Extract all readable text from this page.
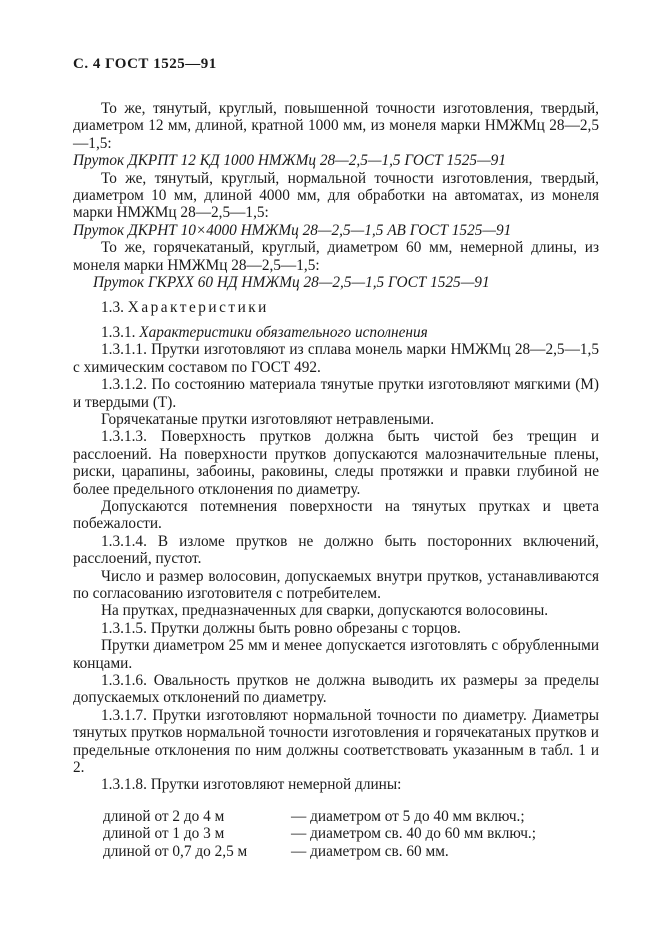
С. 4 ГОСТ 1525—91

То же, тянутый, круглый, повышенной точности изготовления, твердый, диаметром 12 мм, длиной, кратной 1000 мм, из монеля марки НМЖМц 28—2,5—1,5:

Пруток ДКРПТ 12 КД 1000 НМЖМц 28—2,5—1,5 ГОСТ 1525—91

То же, тянутый, круглый, нормальной точности изготовления, твердый, диаметром 10 мм, длиной 4000 мм, для обработки на автоматах, из монеля марки НМЖМц 28—2,5—1,5:

Пруток ДКРНТ 10×4000 НМЖМц 28—2,5—1,5 АВ ГОСТ 1525—91

То же, горячекатаный, круглый, диаметром 60 мм, немерной длины, из монеля марки НМЖМц 28—2,5—1,5:

Пруток ГКРХХ 60 НД НМЖМц 28—2,5—1,5 ГОСТ 1525—91

1.3. Характеристики

1.3.1. Характеристики обязательного исполнения

1.3.1.1. Прутки изготовляют из сплава монель марки НМЖМц 28—2,5—1,5 с химическим составом по ГОСТ 492.

1.3.1.2. По состоянию материала тянутые прутки изготовляют мягкими (М) и твердыми (Т).

Горячекатаные прутки изготовляют нетравлеными.

1.3.1.3. Поверхность прутков должна быть чистой без трещин и расслоений. На поверхности прутков допускаются малозначительные плены, риски, царапины, забоины, раковины, следы протяжки и правки глубиной не более предельного отклонения по диаметру.

Допускаются потемнения поверхности на тянутых прутках и цвета побежалости.

1.3.1.4. В изломе прутков не должно быть посторонних включений, расслоений, пустот.

Число и размер волосовин, допускаемых внутри прутков, устанавливаются по согласованию изготовителя с потребителем.

На прутках, предназначенных для сварки, допускаются волосовины.

1.3.1.5. Прутки должны быть ровно обрезаны с торцов.

Прутки диаметром 25 мм и менее допускается изготовлять с обрубленными концами.

1.3.1.6. Овальность прутков не должна выводить их размеры за пределы допускаемых отклонений по диаметру.

1.3.1.7. Прутки изготовляют нормальной точности по диаметру. Диаметры тянутых прутков нормальной точности изготовления и горячекатаных прутков и предельные отклонения по ним должны соответствовать указанным в табл. 1 и 2.

1.3.1.8. Прутки изготовляют немерной длины:

длиной от 2 до 4 м	— диаметром от 5 до 40 мм включ.;
длиной от 1 до 3 м	— диаметром св. 40 до 60 мм включ.;
длиной от 0,7 до 2,5 м	— диаметром св. 60 мм.
